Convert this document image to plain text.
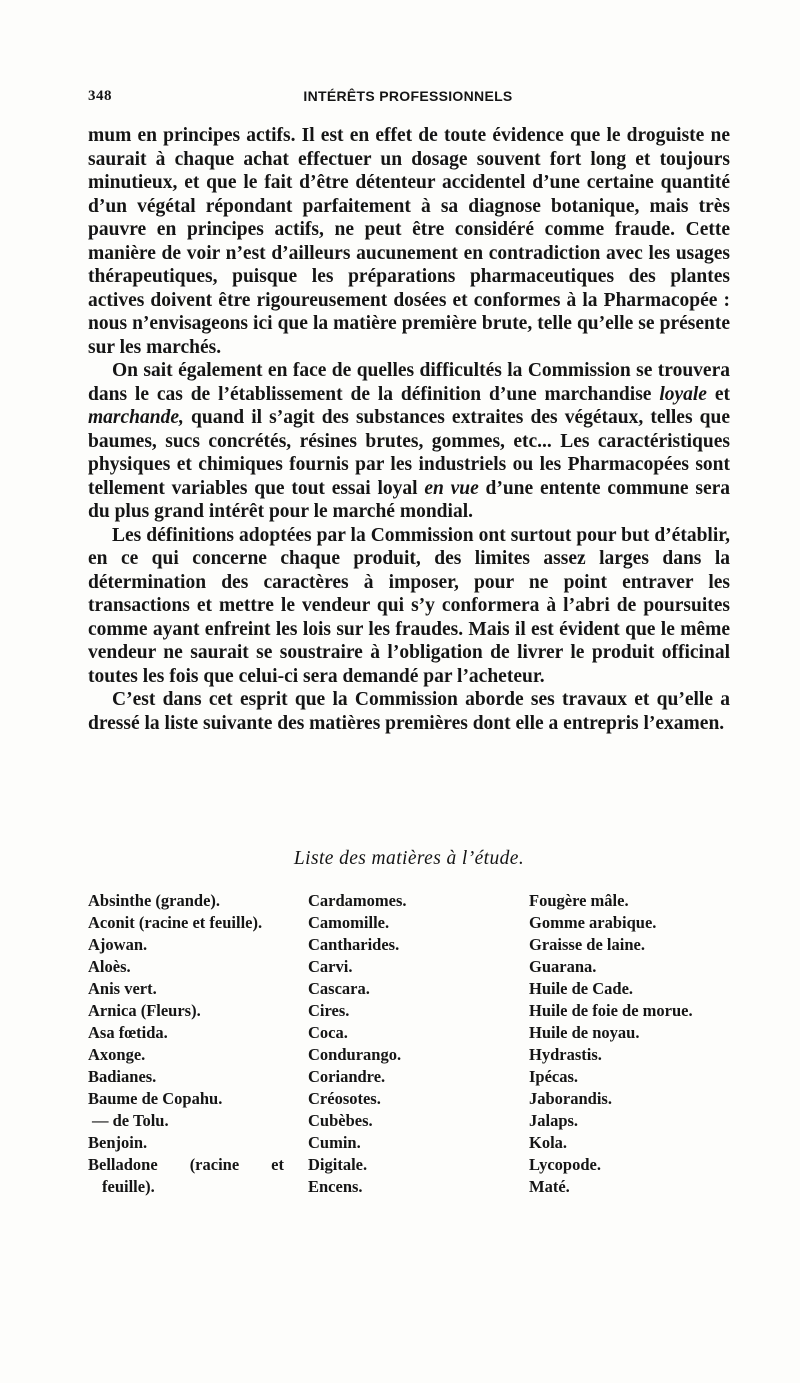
348	INTÉRÊTS PROFESSIONNELS

mum en principes actifs. Il est en effet de toute évidence que le droguiste ne saurait à chaque achat effectuer un dosage souvent fort long et toujours minutieux, et que le fait d’être détenteur accidentel d’une certaine quantité d’un végétal répondant parfaitement à sa diagnose botanique, mais très pauvre en principes actifs, ne peut être considéré comme fraude. Cette manière de voir n’est d’ailleurs aucunement en contradiction avec les usages thérapeutiques, puisque les préparations pharmaceutiques des plantes actives doivent être rigoureusement dosées et conformes à la Pharmacopée : nous n’envisageons ici que la matière première brute, telle qu’elle se présente sur les marchés.

On sait également en face de quelles difficultés la Commission se trouvera dans le cas de l’établissement de la définition d’une marchandise loyale et marchande, quand il s’agit des substances extraites des végétaux, telles que baumes, sucs concrétés, résines brutes, gommes, etc... Les caractéristiques physiques et chimiques fournis par les industriels ou les Pharmacopées sont tellement variables que tout essai loyal en vue d’une entente commune sera du plus grand intérêt pour le marché mondial.

Les définitions adoptées par la Commission ont surtout pour but d’établir, en ce qui concerne chaque produit, des limites assez larges dans la détermination des caractères à imposer, pour ne point entraver les transactions et mettre le vendeur qui s’y conformera à l’abri de poursuites comme ayant enfreint les lois sur les fraudes. Mais il est évident que le même vendeur ne saurait se soustraire à l’obligation de livrer le produit officinal toutes les fois que celui-ci sera demandé par l’acheteur.

C’est dans cet esprit que la Commission aborde ses travaux et qu’elle a dressé la liste suivante des matières premières dont elle a entrepris l’examen.

Liste des matières à l’étude.
Absinthe (grande).
Aconit (racine et feuille).
Ajowan.
Aloès.
Anis vert.
Arnica (Fleurs).
Asa fœtida.
Axonge.
Badianes.
Baume de Copahu.
— de Tolu.
Benjoin.
Belladone (racine et
feuille).
Cardamomes.
Camomille.
Cantharides.
Carvi.
Cascara.
Cires.
Coca.
Condurango.
Coriandre.
Créosotes.
Cubèbes.
Cumin.
Digitale.
Encens.
Fougère mâle.
Gomme arabique.
Graisse de laine.
Guarana.
Huile de Cade.
Huile de foie de morue.
Huile de noyau.
Hydrastis.
Ipécas.
Jaborandis.
Jalaps.
Kola.
Lycopode.
Maté.
